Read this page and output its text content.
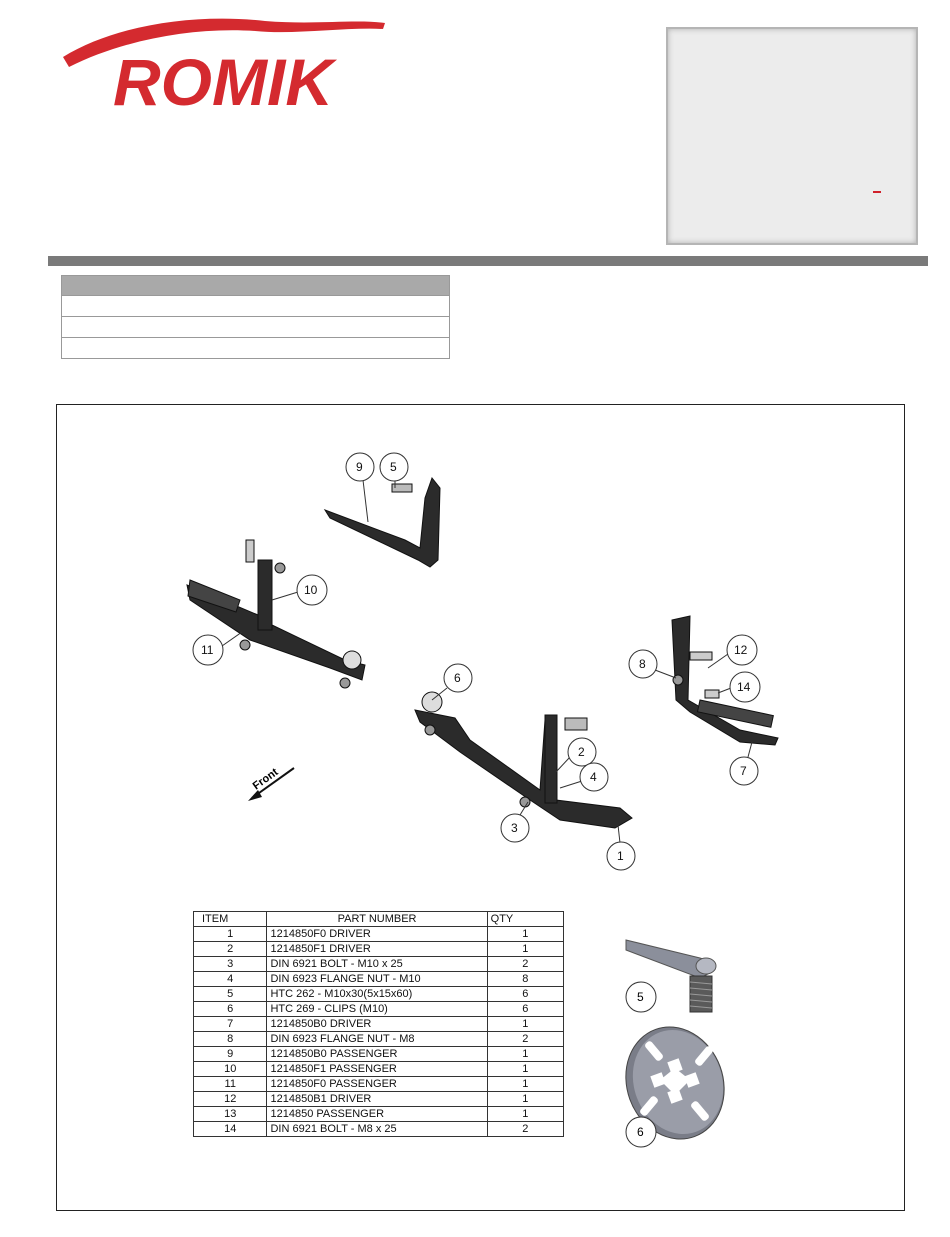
ROMIK

Front
9 5
10
11
6
2
4
3
1
8
12
14
7
5
6
ITEM	PART NUMBER	QTY
1	1214850F0 DRIVER	1
2	1214850F1 DRIVER	1
3	DIN 6921 BOLT - M10 x 25	2
4	DIN 6923 FLANGE NUT - M10	8
5	HTC 262 - M10x30(5x15x60)	6
6	HTC 269 - CLIPS (M10)	6
7	1214850B0 DRIVER	1
8	DIN 6923 FLANGE NUT - M8	2
9	1214850B0 PASSENGER	1
10	1214850F1 PASSENGER	1
11	1214850F0 PASSENGER	1
12	1214850B1 DRIVER	1
13	1214850 PASSENGER	1
14	DIN 6921 BOLT - M8 x 25	2
